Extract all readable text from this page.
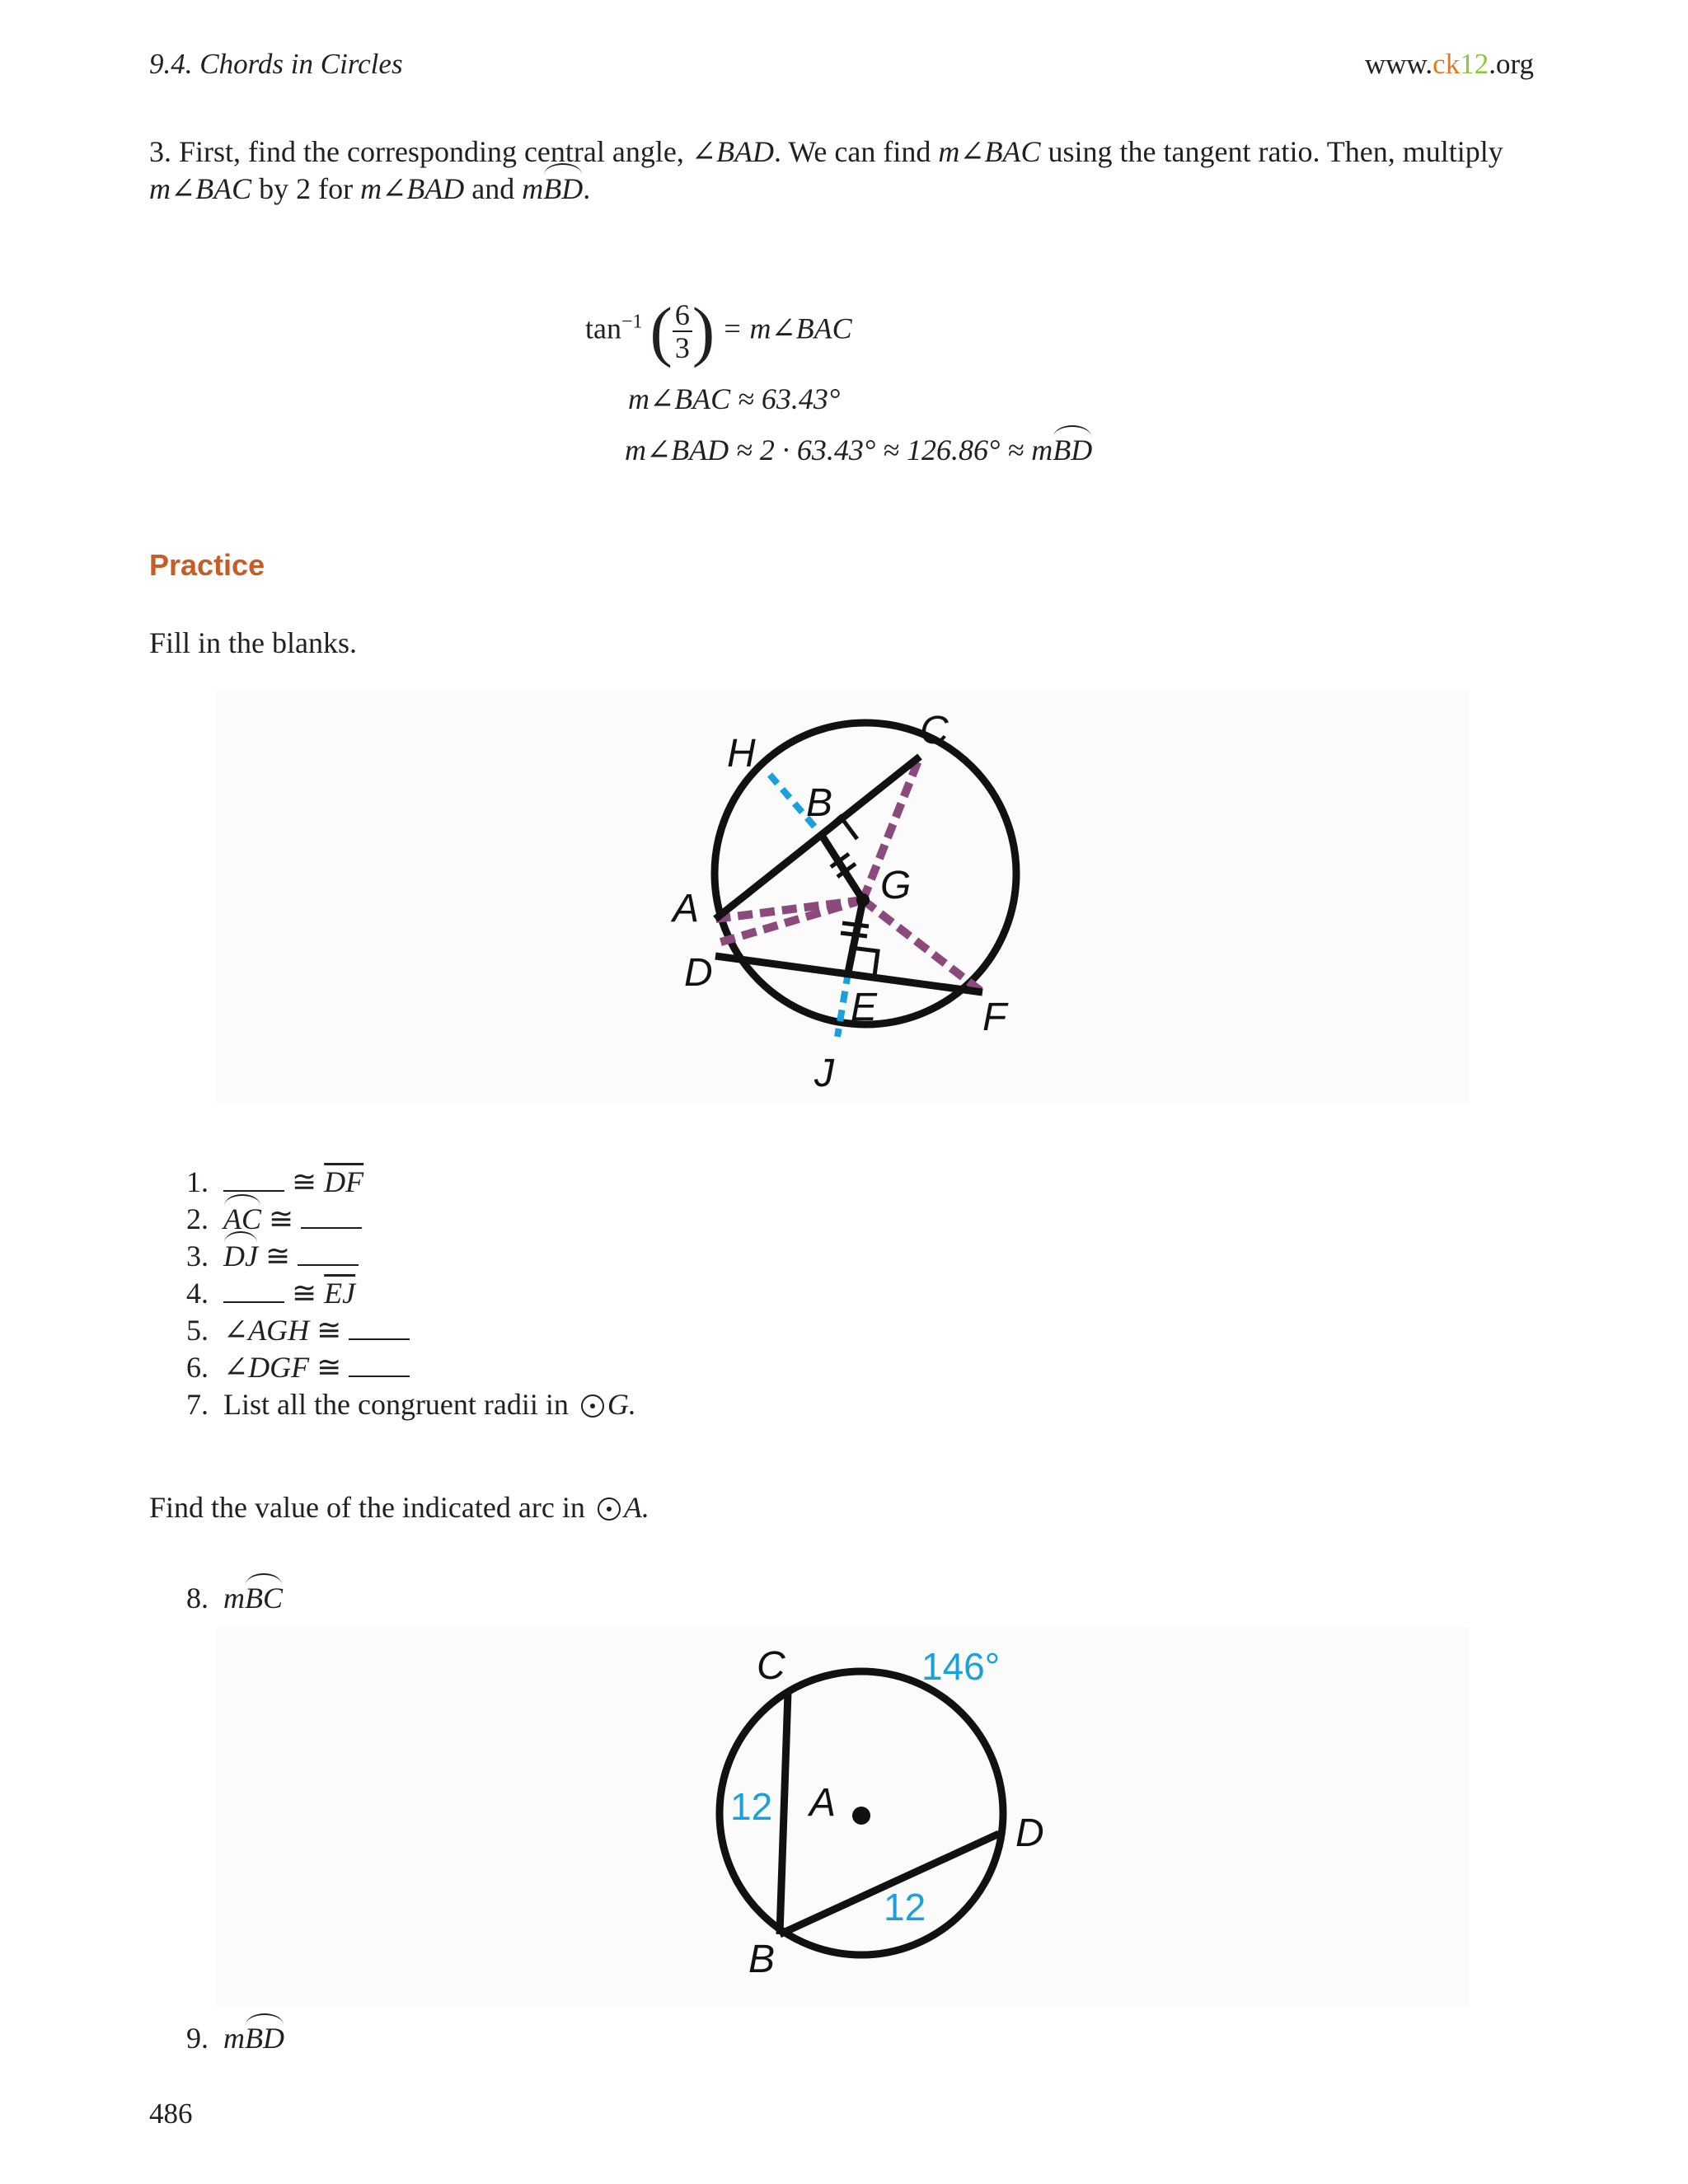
9.4. Chords in Circles	www.ck12.org
3. First, find the corresponding central angle, ∠BAD. We can find m∠BAC using the tangent ratio. Then, multiply
m∠BAC by 2 for m∠BAD and mBD.
$\tan^{-1}$ ( $\frac{6}{3}$ ) = m∠BAC
m∠BAC ≈ 63.43°
m∠BAD ≈ 2 · 63.43° ≈ 126.86° ≈ mBD
Practice
Fill in the blanks.
H
B
C
G
A
D
E	F
J
1.	≅ $\overline{DF}$
2. AC ≅
3. DJ ≅
4.	≅ $\overline{EJ}$
5. ∠AGH ≅
6. ∠DGF ≅
7. List all the congruent radii in G.
Find the value of the indicated arc in A.
8. mBC
C
A
D
B
146°
12
12
9. mBD
486
